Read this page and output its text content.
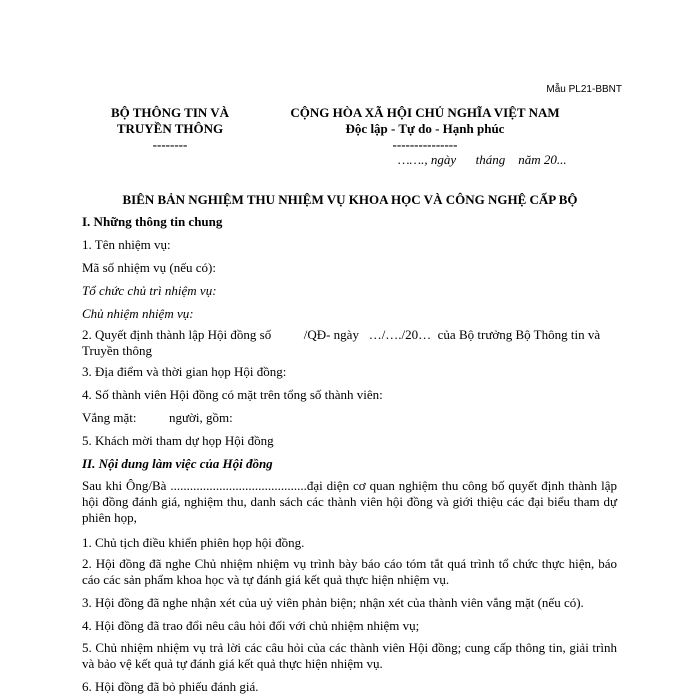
Mẫu PL21-BBNT
BỘ THÔNG TIN VÀ
TRUYỀN THÔNG
--------
CỘNG HÒA XÃ HỘI CHỦ NGHĨA VIỆT NAM
Độc lập - Tự do - Hạnh phúc
---------------
……., ngày      tháng    năm 20...
BIÊN BẢN NGHIỆM THU NHIỆM VỤ KHOA HỌC VÀ CÔNG NGHỆ CẤP BỘ
I. Những thông tin chung
1. Tên nhiệm vụ:
Mã số nhiệm vụ (nếu có):
Tổ chức chủ trì nhiệm vụ:
Chủ nhiệm nhiệm vụ:
2. Quyết định thành lập Hội đồng số          /QĐ- ngày   …/…./20…  của Bộ trưởng Bộ Thông tin và Truyền thông
3. Địa điểm và thời gian họp Hội đồng:
4. Số thành viên Hội đồng có mặt trên tổng số thành viên:
Vắng mặt:          người, gồm:
5. Khách mời tham dự họp Hội đồng
II. Nội dung làm việc của Hội đồng
Sau khi Ông/Bà ..........................................đại diện cơ quan nghiệm thu công bố quyết định thành lập hội đồng đánh giá, nghiệm thu, danh sách các thành viên hội đồng và giới thiệu các đại biểu tham dự phiên họp,
1. Chủ tịch điều khiển phiên họp hội đồng.
2. Hội đồng đã nghe Chủ nhiệm nhiệm vụ trình bày báo cáo tóm tắt quá trình tổ chức thực hiện, báo cáo các sản phẩm khoa học và tự đánh giá kết quả thực hiện nhiệm vụ.
3. Hội đồng đã nghe nhận xét của uỷ viên phản biện; nhận xét của thành viên vắng mặt (nếu có).
4. Hội đồng đã trao đổi nêu câu hỏi đối với chủ nhiệm nhiệm vụ;
5. Chủ nhiệm nhiệm vụ trả lời các câu hỏi của các thành viên Hội đồng; cung cấp thông tin, giải trình và bảo vệ kết quả tự đánh giá kết quả thực hiện nhiệm vụ.
6. Hội đồng đã bỏ phiếu đánh giá.
